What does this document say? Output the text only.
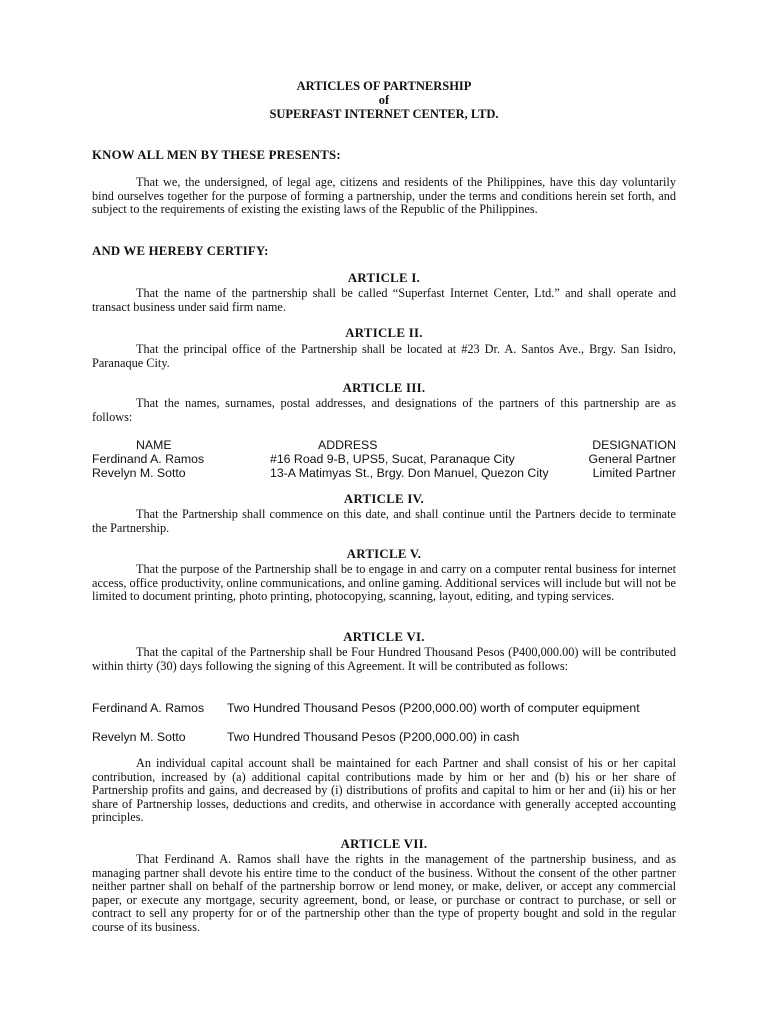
ARTICLES OF PARTNERSHIP

of

SUPERFAST INTERNET CENTER, LTD.

KNOW ALL MEN BY THESE PRESENTS:

That we, the undersigned, of legal age, citizens and residents of the Philippines, have this day voluntarily bind ourselves together for the purpose of forming a partnership, under the terms and conditions herein set forth, and subject to the requirements of existing the existing laws of the Republic of the Philippines.

AND WE HEREBY CERTIFY:

ARTICLE I.

That the name of the partnership shall be called “Superfast Internet Center, Ltd.” and shall operate and transact business under said firm name.

ARTICLE II.

That the principal office of the Partnership shall be located at #23 Dr. A. Santos Ave., Brgy. San Isidro, Paranaque City.

ARTICLE III.

That the names, surnames, postal addresses, and designations of the partners of this partnership are as follows:

NAME	ADDRESS	DESIGNATION
Ferdinand A. Ramos	#16 Road 9-B, UPS5, Sucat, Paranaque City	General Partner
Revelyn M. Sotto	13-A Matimyas St., Brgy. Don Manuel, Quezon City	Limited Partner

ARTICLE IV.

That the Partnership shall commence on this date, and shall continue until the Partners decide to terminate the Partnership.

ARTICLE V.

That the purpose of the Partnership shall be to engage in and carry on a computer rental business for internet access, office productivity, online communications, and online gaming. Additional services will include but will not be limited to document printing, photo printing, photocopying, scanning, layout, editing, and typing services.

ARTICLE VI.

That the capital of the Partnership shall be Four Hundred Thousand Pesos (P400,000.00) will be contributed within thirty (30) days following the signing of this Agreement. It will be contributed as follows:

Ferdinand A. Ramos Two Hundred Thousand Pesos (P200,000.00) worth of computer equipment
Revelyn M. Sotto	Two Hundred Thousand Pesos (P200,000.00) in cash

An individual capital account shall be maintained for each Partner and shall consist of his or her capital contribution, increased by (a) additional capital contributions made by him or her and (b) his or her share of Partnership profits and gains, and decreased by (i) distributions of profits and capital to him or her and (ii) his or her share of Partnership losses, deductions and credits, and otherwise in accordance with generally accepted accounting principles.

ARTICLE VII.

That Ferdinand A. Ramos shall have the rights in the management of the partnership business, and as managing partner shall devote his entire time to the conduct of the business. Without the consent of the other partner neither partner shall on behalf of the partnership borrow or lend money, or make, deliver, or accept any commercial paper, or execute any mortgage, security agreement, bond, or lease, or purchase or contract to purchase, or sell or contract to sell any property for or of the partnership other than the type of property bought and sold in the regular course of its business.
